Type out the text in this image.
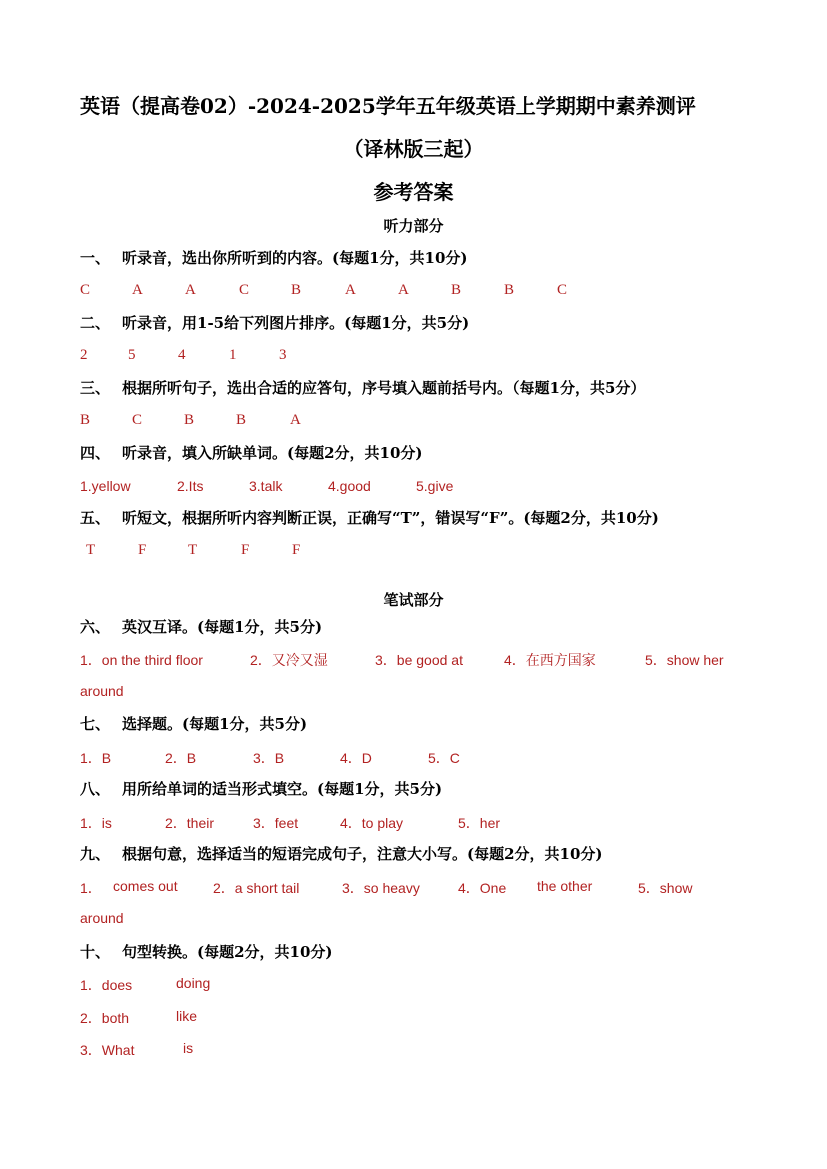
英语（提高卷02）-2024-2025学年五年级英语上学期期中素养测评
（译林版三起）
参考答案
听力部分
一、 听录音，选出你所听到的内容。(每题1分，共10分)
C	A	A	C	B	A	A	B	B	C
二、 听录音，用1-5给下列图片排序。(每题1分，共5分)
2	5	4	1	3
三、 根据所听句子，选出合适的应答句，序号填入题前括号内。（每题1分，共5分）
B	C	B	B	A
四、 听录音，填入所缺单词。(每题2分，共10分)
1.yellow	2.Its	3.talk	4.good	5.give
五、 听短文，根据所听内容判断正误，正确写“T”，错误写“F”。(每题2分，共10分)
T	F	T	F	F
笔试部分
六、 英汉互译。(每题1分，共5分)
1．on the third floor	2．又冷又湿	3．be good at	4．在西方国家	5．show her
around
七、 选择题。(每题1分，共5分)
1．B	2．B	3．B	4．D	5．C
八、 用所给单词的适当形式填空。(每题1分，共5分)
1．is	2．their	3．feet	4．to play	5．her
九、 根据句意，选择适当的短语完成句子，注意大小写。(每题2分，共10分)
1． comes out	2．a short tail	3．so heavy	4．One the other	5．show
around
十、 句型转换。(每题2分，共10分)
1．does	doing
2．both	like
3．What	is
